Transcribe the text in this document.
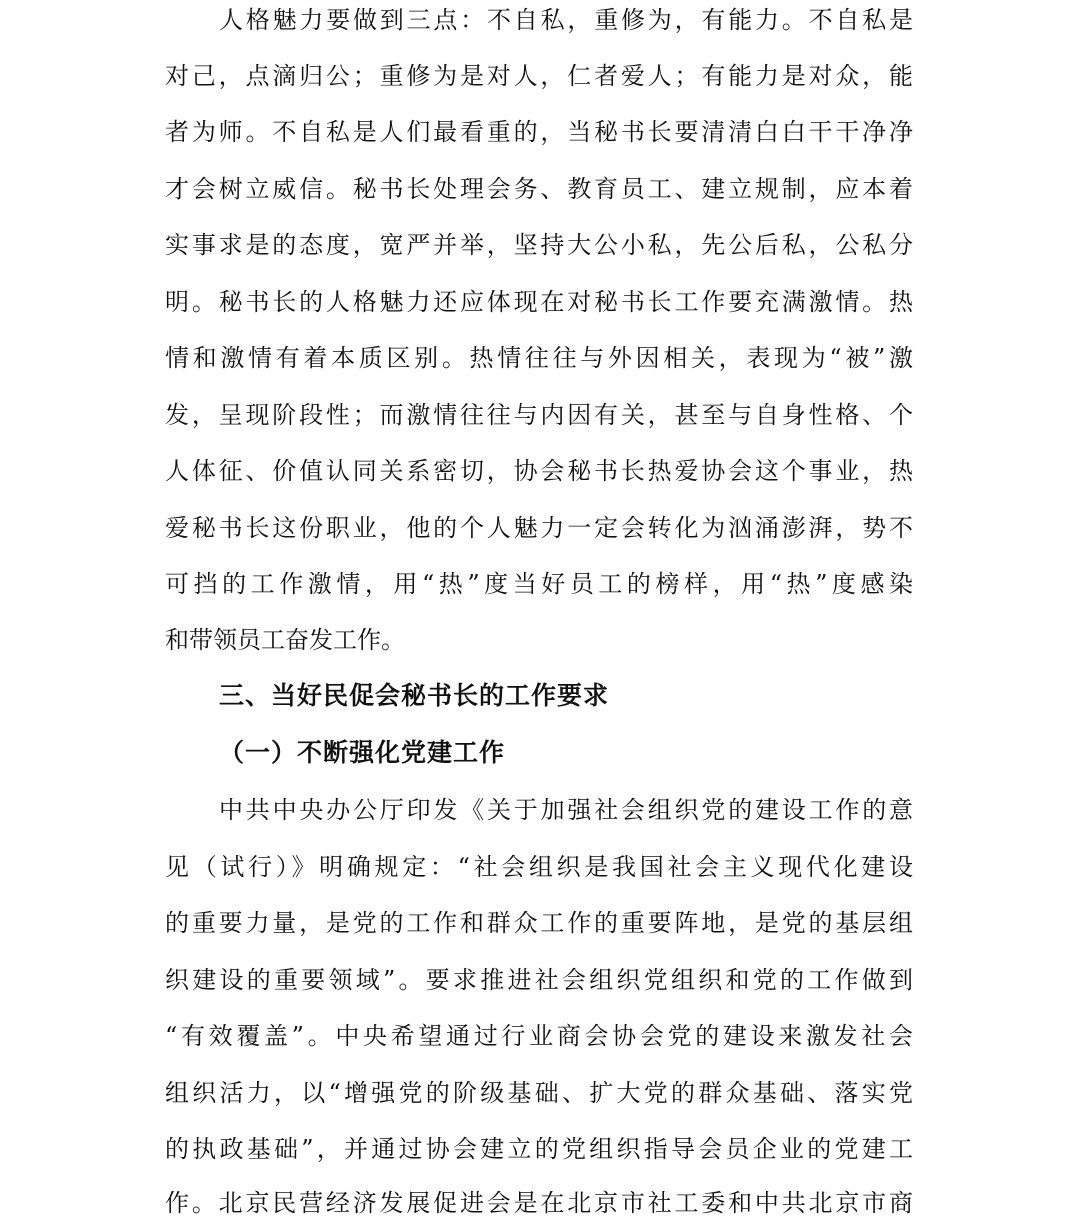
人格魅力要做到三点：不自私，重修为，有能力。不自私是
对己，点滴归公；重修为是对人，仁者爱人；有能力是对众，能
者为师。不自私是人们最看重的，当秘书长要清清白白干干净净
才会树立威信。秘书长处理会务、教育员工、建立规制，应本着
实事求是的态度，宽严并举，坚持大公小私，先公后私，公私分
明。秘书长的人格魅力还应体现在对秘书长工作要充满激情。热
情和激情有着本质区别。热情往往与外因相关，表现为“被”激
发，呈现阶段性；而激情往往与内因有关，甚至与自身性格、个
人体征、价值认同关系密切，协会秘书长热爱协会这个事业，热
爱秘书长这份职业，他的个人魅力一定会转化为汹涌澎湃，势不
可挡的工作激情，用“热”度当好员工的榜样，用“热”度感染
和带领员工奋发工作。
三、当好民促会秘书长的工作要求
（一）不断强化党建工作
中共中央办公厅印发《关于加强社会组织党的建设工作的意
见（试行）》明确规定：“社会组织是我国社会主义现代化建设
的重要力量，是党的工作和群众工作的重要阵地，是党的基层组
织建设的重要领域”。要求推进社会组织党组织和党的工作做到
“有效覆盖”。中央希望通过行业商会协会党的建设来激发社会
组织活力，以“增强党的阶级基础、扩大党的群众基础、落实党
的执政基础”，并通过协会建立的党组织指导会员企业的党建工
作。北京民营经济发展促进会是在北京市社工委和中共北京市商
